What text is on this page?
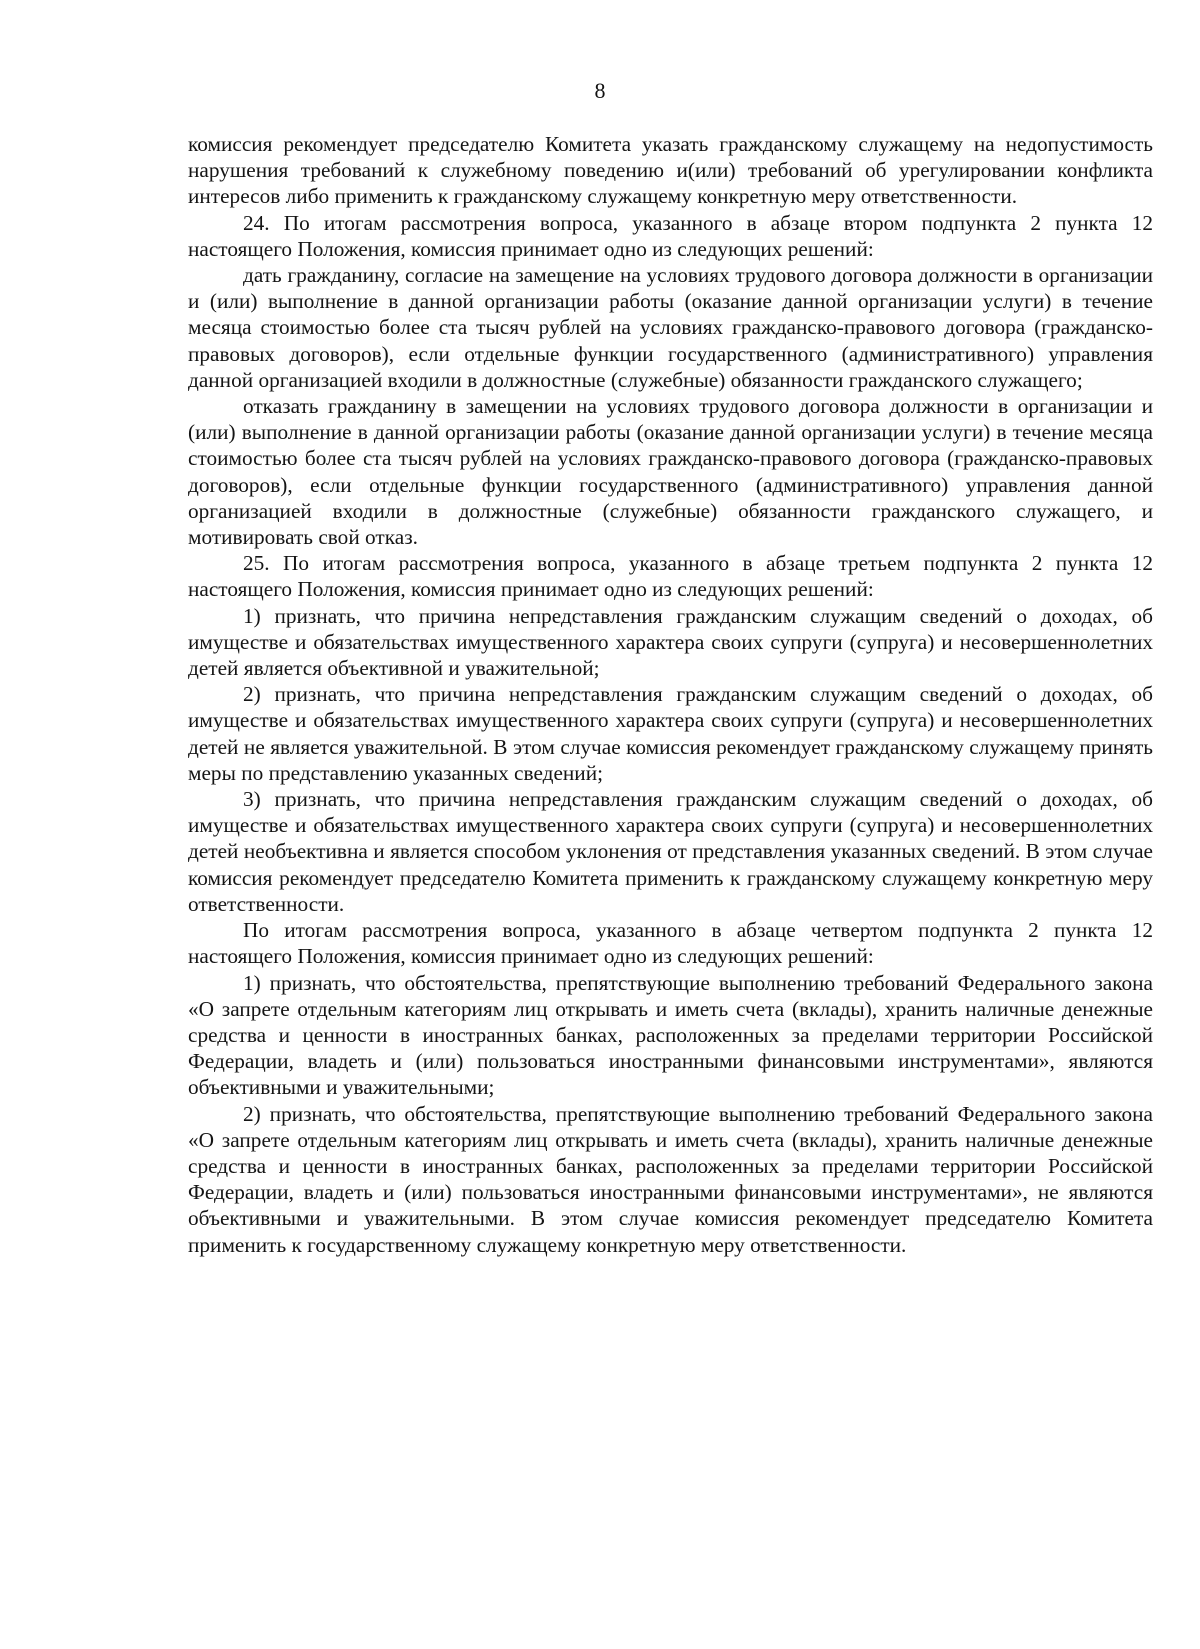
8

комиссия рекомендует председателю Комитета указать гражданскому служащему на недопустимость нарушения требований к служебному поведению и(или) требований об урегулировании конфликта интересов либо применить к гражданскому служащему конкретную меру ответственности.

24. По итогам рассмотрения вопроса, указанного в абзаце втором подпункта 2 пункта 12 настоящего Положения, комиссия принимает одно из следующих решений:

дать гражданину, согласие на замещение на условиях трудового договора должности в организации и (или) выполнение в данной организации работы (оказание данной организации услуги) в течение месяца стоимостью более ста тысяч рублей на условиях гражданско-правового договора (гражданско-правовых договоров), если отдельные функции государственного (административного) управления данной организацией входили в должностные (служебные) обязанности гражданского служащего;

отказать гражданину в замещении на условиях трудового договора должности в организации и (или) выполнение в данной организации работы (оказание данной организации услуги) в течение месяца стоимостью более ста тысяч рублей на условиях гражданско-правового договора (гражданско-правовых договоров), если отдельные функции государственного (административного) управления данной организацией входили в должностные (служебные) обязанности гражданского служащего, и мотивировать свой отказ.

25. По итогам рассмотрения вопроса, указанного в абзаце третьем подпункта 2 пункта 12 настоящего Положения, комиссия принимает одно из следующих решений:

1) признать, что причина непредставления гражданским служащим сведений о доходах, об имуществе и обязательствах имущественного характера своих супруги (супруга) и несовершеннолетних детей является объективной и уважительной;

2) признать, что причина непредставления гражданским служащим сведений о доходах, об имуществе и обязательствах имущественного характера своих супруги (супруга) и несовершеннолетних детей не является уважительной. В этом случае комиссия рекомендует гражданскому служащему принять меры по представлению указанных сведений;

3) признать, что причина непредставления гражданским служащим сведений о доходах, об имуществе и обязательствах имущественного характера своих супруги (супруга) и несовершеннолетних детей необъективна и является способом уклонения от представления указанных сведений. В этом случае комиссия рекомендует председателю Комитета применить к гражданскому служащему конкретную меру ответственности.

По итогам рассмотрения вопроса, указанного в абзаце четвертом подпункта 2 пункта 12 настоящего Положения, комиссия принимает одно из следующих решений:

1) признать, что обстоятельства, препятствующие выполнению требований Федерального закона «О запрете отдельным категориям лиц открывать и иметь счета (вклады), хранить наличные денежные средства и ценности в иностранных банках, расположенных за пределами территории Российской Федерации, владеть и (или) пользоваться иностранными финансовыми инструментами», являются объективными и уважительными;

2) признать, что обстоятельства, препятствующие выполнению требований Федерального закона «О запрете отдельным категориям лиц открывать и иметь счета (вклады), хранить наличные денежные средства и ценности в иностранных банках, расположенных за пределами территории Российской Федерации, владеть и (или) пользоваться иностранными финансовыми инструментами», не являются объективными и уважительными. В этом случае комиссия рекомендует председателю Комитета применить к государственному служащему конкретную меру ответственности.
